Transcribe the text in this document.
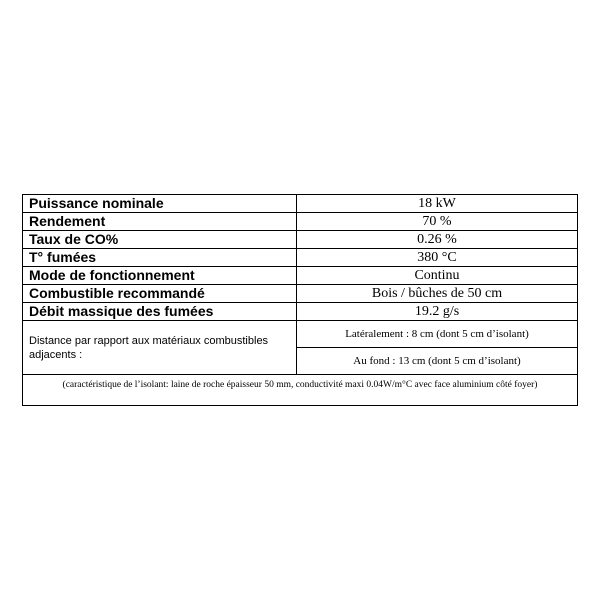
Puissance nominale	18 kW
Rendement	70 %
Taux de CO%	0.26 %
T° fumées	380 °C
Mode de fonctionnement	Continu
Combustible recommandé	Bois / bûches de 50 cm
Débit massique des fumées	19.2 g/s
Distance par rapport aux matériaux combustibles adjacents :	Latéralement : 8 cm (dont 5 cm d’isolant)
	Au fond : 13 cm (dont 5 cm d’isolant)
(caractéristique de l’isolant: laine de roche épaisseur 50 mm, conductivité maxi 0.04W/m°C avec face aluminium côté foyer)	
